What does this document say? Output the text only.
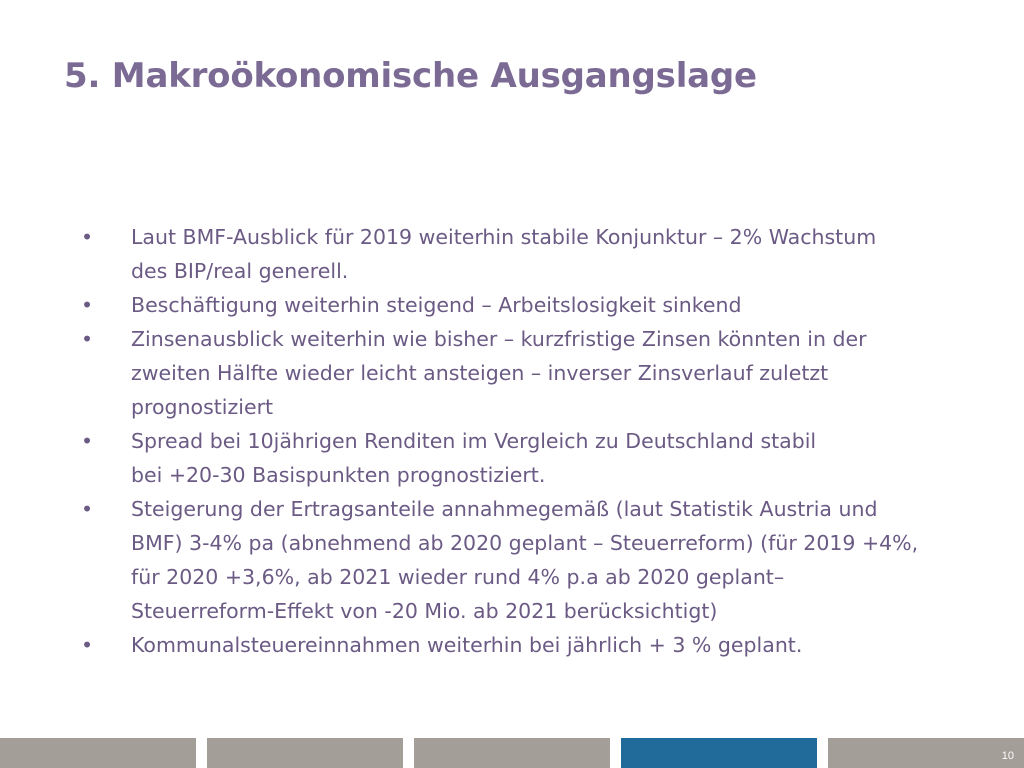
5. Makroökonomische Ausgangslage
• Laut BMF-Ausblick für 2019 weiterhin stabile Konjunktur – 2% Wachstum
des BIP/real generell.
• Beschäftigung weiterhin steigend – Arbeitslosigkeit sinkend
• Zinsenausblick weiterhin wie bisher – kurzfristige Zinsen könnten in der
zweiten Hälfte wieder leicht ansteigen – inverser Zinsverlauf zuletzt
prognostiziert
• Spread bei 10jährigen Renditen im Vergleich zu Deutschland stabil
bei +20-30 Basispunkten prognostiziert.
• Steigerung der Ertragsanteile annahmegemäß (laut Statistik Austria und
BMF) 3-4% pa (abnehmend ab 2020 geplant – Steuerreform) (für 2019 +4%,
für 2020 +3,6%, ab 2021 wieder rund 4% p.a ab 2020 geplant–
Steuerreform-Effekt von -20 Mio. ab 2021 berücksichtigt)
• Kommunalsteuereinnahmen weiterhin bei jährlich + 3 % geplant.
10
